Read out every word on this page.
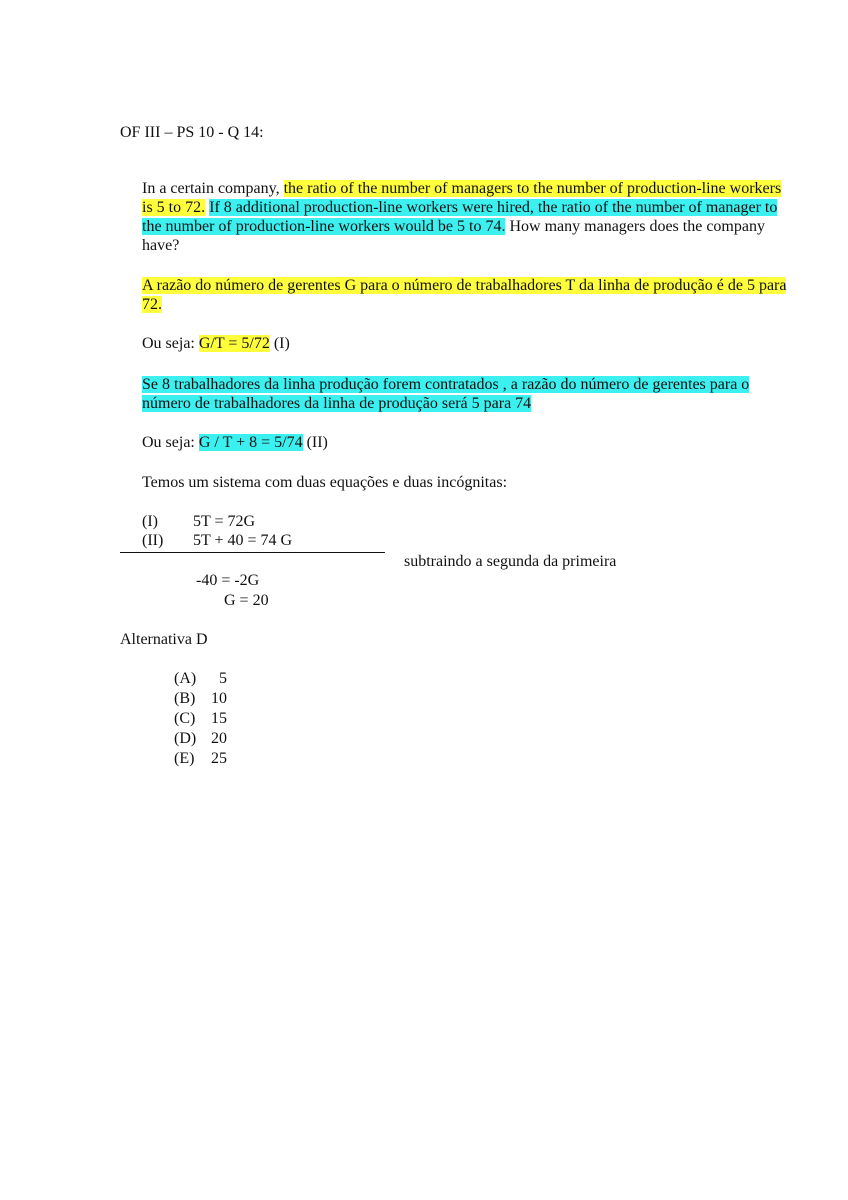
OF III – PS 10 - Q 14:

In a certain company, the ratio of the number of managers to the number of production-line workers is 5 to 72. If 8 additional production-line workers were hired, the ratio of the number of manager to the number of production-line workers would be 5 to 74. How many managers does the company have?

A razão do número de gerentes G para o número de trabalhadores T da linha de produção é de 5 para 72.

Ou seja: G/T = 5/72 (I)

Se 8 trabalhadores da linha produção forem contratados , a razão do número de gerentes para o número de trabalhadores da linha de produção será 5 para 74

Ou seja: G / T + 8 = 5/74 (II)
Temos um sistema com duas equações e duas incógnitas:
(I) 5T = 72G
(II) 5T + 40 = 74 G
subtraindo a segunda da primeira
-40 = -2G
G = 20
Alternativa D
(A)	5
(B) 10
(C) 15
(D) 20
(E)	25
